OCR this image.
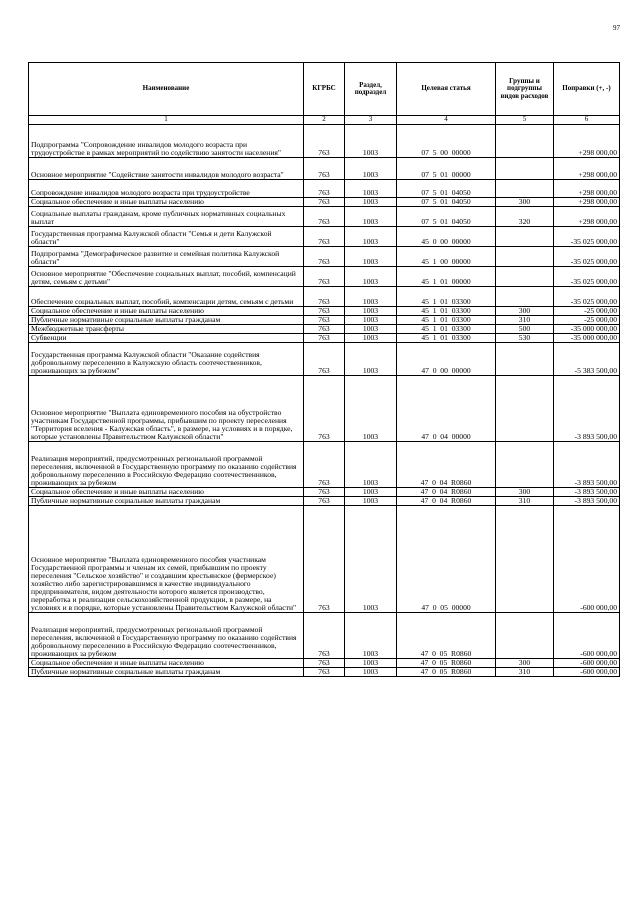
97
Наименование	КГРБС	Раздел, подраздел	Целевая статья	Группы и подгруппы видов расходов	Поправки (+, -)
1	2	3	4	5	6
Подпрограмма "Сопровождение инвалидов молодого возраста при трудоустройстве в рамках мероприятий по содействию занятости населения"	763	1003	07  5  00  00000		+298 000,00
Основное мероприятие "Содействие занятости инвалидов молодого возраста"	763	1003	07  5  01  00000		+298 000,00
Сопровождение инвалидов молодого возраста при трудоустройстве	763	1003	07  5  01  04050		+298 000,00
Социальное обеспечение и иные выплаты населению	763	1003	07  5  01  04050	300	+298 000,00
Социальные выплаты гражданам, кроме публичных нормативных социальных выплат	763	1003	07  5  01  04050	320	+298 000,00
Государственная программа Калужской области "Семья и дети Калужской области"	763	1003	45  0  00  00000		-35 025 000,00
Подпрограмма "Демографическое развитие и семейная политика Калужской области"	763	1003	45  1  00  00000		-35 025 000,00
Основное мероприятие "Обеспечение социальных выплат, пособий, компенсаций детям, семьям с детьми"	763	1003	45  1  01  00000		-35 025 000,00
Обеспечение социальных выплат, пособий, компенсации детям, семьям с детьми	763	1003	45  1  01  03300		-35 025 000,00
Социальное обеспечение и иные выплаты населению	763	1003	45  1  01  03300	300	-25 000,00
Публичные нормативные социальные выплаты гражданам	763	1003	45  1  01  03300	310	-25 000,00
Межбюджетные трансферты	763	1003	45  1  01  03300	500	-35 000 000,00
Субвенции	763	1003	45  1  01  03300	530	-35 000 000,00
Государственная программа Калужской области "Оказание содействия добровольному переселению в Калужскую область соотечественников, проживающих за рубежом"	763	1003	47  0  00  00000		-5 383 500,00
Основное мероприятие "Выплата единовременного пособия на обустройство участникам Государственной программы, прибывшим по проекту переселения "Территория вселения - Калужская область", в размере, на условиях и в порядке, которые установлены Правительством Калужской области"	763	1003	47  0  04  00000		-3 893 500,00
Реализация мероприятий, предусмотренных региональной программой переселения, включенной в Государственную программу по оказанию содействия добровольному переселению в Российскую Федерацию соотечественников, проживающих за рубежом	763	1003	47  0  04  R0860		-3 893 500,00
Социальное обеспечение и иные выплаты населению	763	1003	47  0  04  R0860	300	-3 893 500,00
Публичные нормативные социальные выплаты гражданам	763	1003	47  0  04  R0860	310	-3 893 500,00
Основное мероприятие "Выплата единовременного пособия участникам Государственной программы и членам их семей, прибывшим по проекту переселения "Сельское хозяйство" и создавшим крестьянское (фермерское) хозяйство либо зарегистрировавшимся в качестве индивидуального предпринимателя, видом деятельности которого является производство, переработка и реализация сельскохозяйственной продукции, в размере, на условиях и в порядке, которые установлены Правительством Калужской области"	763	1003	47  0  05  00000		-600 000,00
Реализация мероприятий, предусмотренных региональной программой переселения, включенной в Государственную программу по оказанию содействия добровольному переселению в Российскую Федерацию соотечественников, проживающих за рубежом	763	1003	47  0  05  R0860		-600 000,00
Социальное обеспечение и иные выплаты населению	763	1003	47  0  05  R0860	300	-600 000,00
Публичные нормативные социальные выплаты гражданам	763	1003	47  0  05  R0860	310	-600 000,00
